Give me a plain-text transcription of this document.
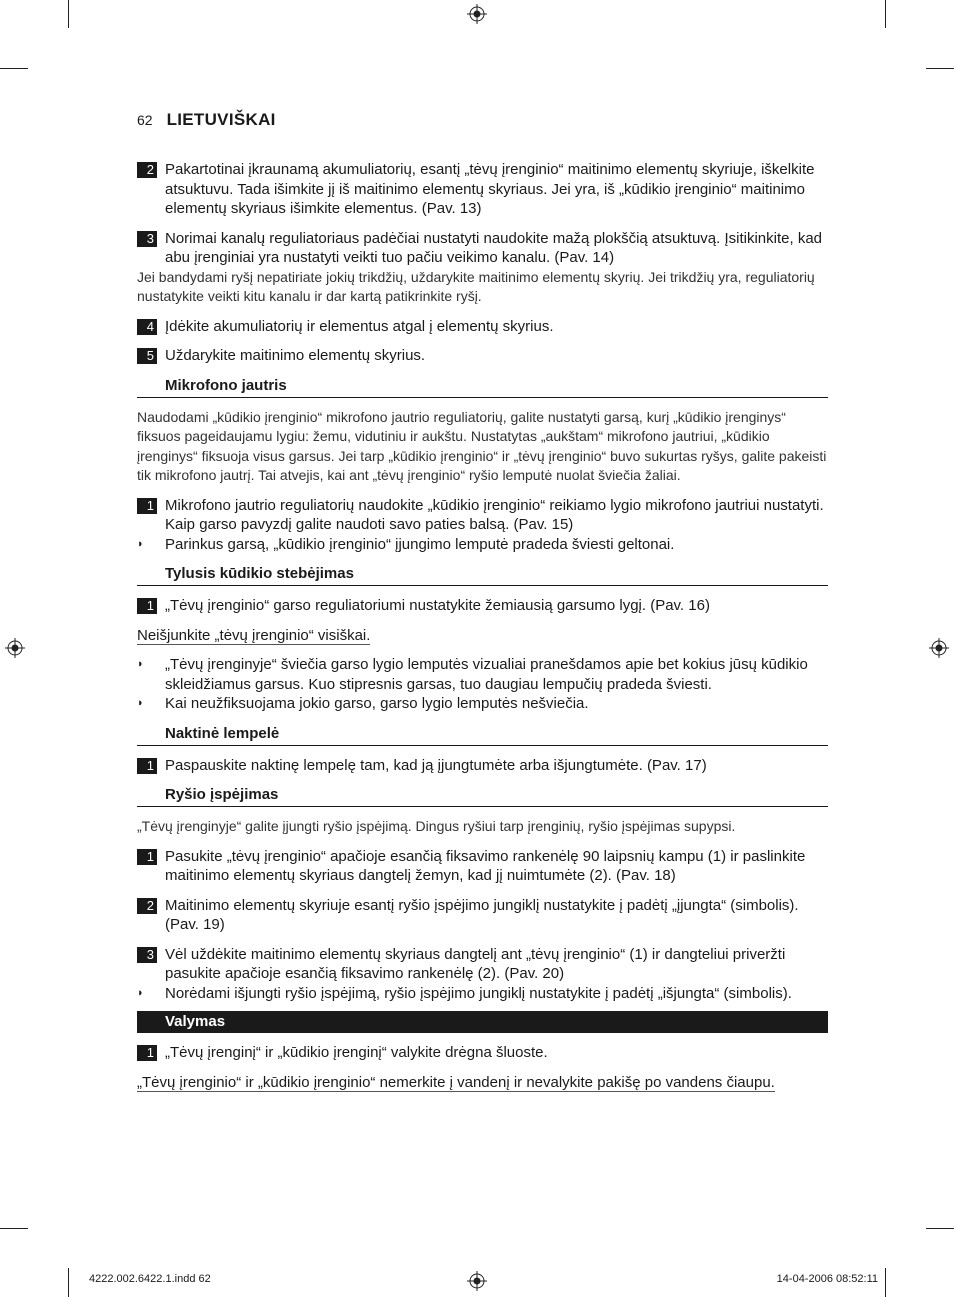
62 LIETUVIŠKAI
2 Pakartotinai įkraunamą akumuliatorių, esantį „tėvų įrenginio“ maitinimo elementų skyriuje, iškelkite atsuktuvu. Tada išimkite jį iš maitinimo elementų skyriaus. Jei yra, iš „kūdikio įrenginio“ maitinimo elementų skyriaus išimkite elementus. (Pav. 13)
3 Norimai kanalų reguliatoriaus padėčiai nustatyti naudokite mažą plokščią atsuktuvą. Įsitikinkite, kad abu įrenginiai yra nustatyti veikti tuo pačiu veikimo kanalu. (Pav. 14)
Jei bandydami ryšį nepatiriate jokių trikdžių, uždarykite maitinimo elementų skyrių. Jei trikdžių yra, reguliatorių nustatykite veikti kitu kanalu ir dar kartą patikrinkite ryšį.
4 Įdėkite akumuliatorių ir elementus atgal į elementų skyrius.
5 Uždarykite maitinimo elementų skyrius.
Mikrofono jautris
Naudodami „kūdikio įrenginio“ mikrofono jautrio reguliatorių, galite nustatyti garsą, kurį „kūdikio įrenginys“ fiksuos pageidaujamu lygiu: žemu, vidutiniu ir aukštu. Nustatytas „aukštam“ mikrofono jautriui, „kūdikio įrenginys“ fiksuoja visus garsus. Jei tarp „kūdikio įrenginio“ ir „tėvų įrenginio“ buvo sukurtas ryšys, galite pakeisti tik mikrofono jautrį. Tai atvejis, kai ant „tėvų įrenginio“ ryšio lemputė nuolat šviečia žaliai.
1 Mikrofono jautrio reguliatorių naudokite „kūdikio įrenginio“ reikiamo lygio mikrofono jautriui nustatyti. Kaip garso pavyzdį galite naudoti savo paties balsą. (Pav. 15)
◗	Parinkus garsą, „kūdikio įrenginio“ įjungimo lemputė pradeda šviesti geltonai.
Tylusis kūdikio stebėjimas
1 „Tėvų įrenginio“ garso reguliatoriumi nustatykite žemiausią garsumo lygį. (Pav. 16)
Neišjunkite „tėvų įrenginio“ visiškai.
◗	„Tėvų įrenginyje“ šviečia garso lygio lemputės vizualiai pranešdamos apie bet kokius jūsų kūdikio skleidžiamus garsus. Kuo stipresnis garsas, tuo daugiau lempučių pradeda šviesti.
◗	Kai neužfiksuojama jokio garso, garso lygio lemputės nešviečia.
Naktinė lempelė
1 Paspauskite naktinę lempelę tam, kad ją įjungtumėte arba išjungtumėte. (Pav. 17)
Ryšio įspėjimas
„Tėvų įrenginyje“ galite įjungti ryšio įspėjimą. Dingus ryšiui tarp įrenginių, ryšio įspėjimas supypsi.
1 Pasukite „tėvų įrenginio“ apačioje esančią fiksavimo rankenėlę 90 laipsnių kampu (1) ir paslinkite maitinimo elementų skyriaus dangtelį žemyn, kad jį nuimtumėte (2). (Pav. 18)
2 Maitinimo elementų skyriuje esantį ryšio įspėjimo jungiklį nustatykite į padėtį „įjungta“ (simbolis). (Pav. 19)
3 Vėl uždėkite maitinimo elementų skyriaus dangtelį ant „tėvų įrenginio“ (1) ir dangteliui priveržti pasukite apačioje esančią fiksavimo rankenėlę (2). (Pav. 20)
◗	Norėdami išjungti ryšio įspėjimą, ryšio įspėjimo jungiklį nustatykite į padėtį „išjungta“ (simbolis).
Valymas
1 „Tėvų įrenginį“ ir „kūdikio įrenginį“ valykite drėgna šluoste.
„Tėvų įrenginio“ ir „kūdikio įrenginio“ nemerkite į vandenį ir nevalykite pakišę po vandens čiaupu.
4222.002.6422.1.indd 62	14-04-2006 08:52:11
